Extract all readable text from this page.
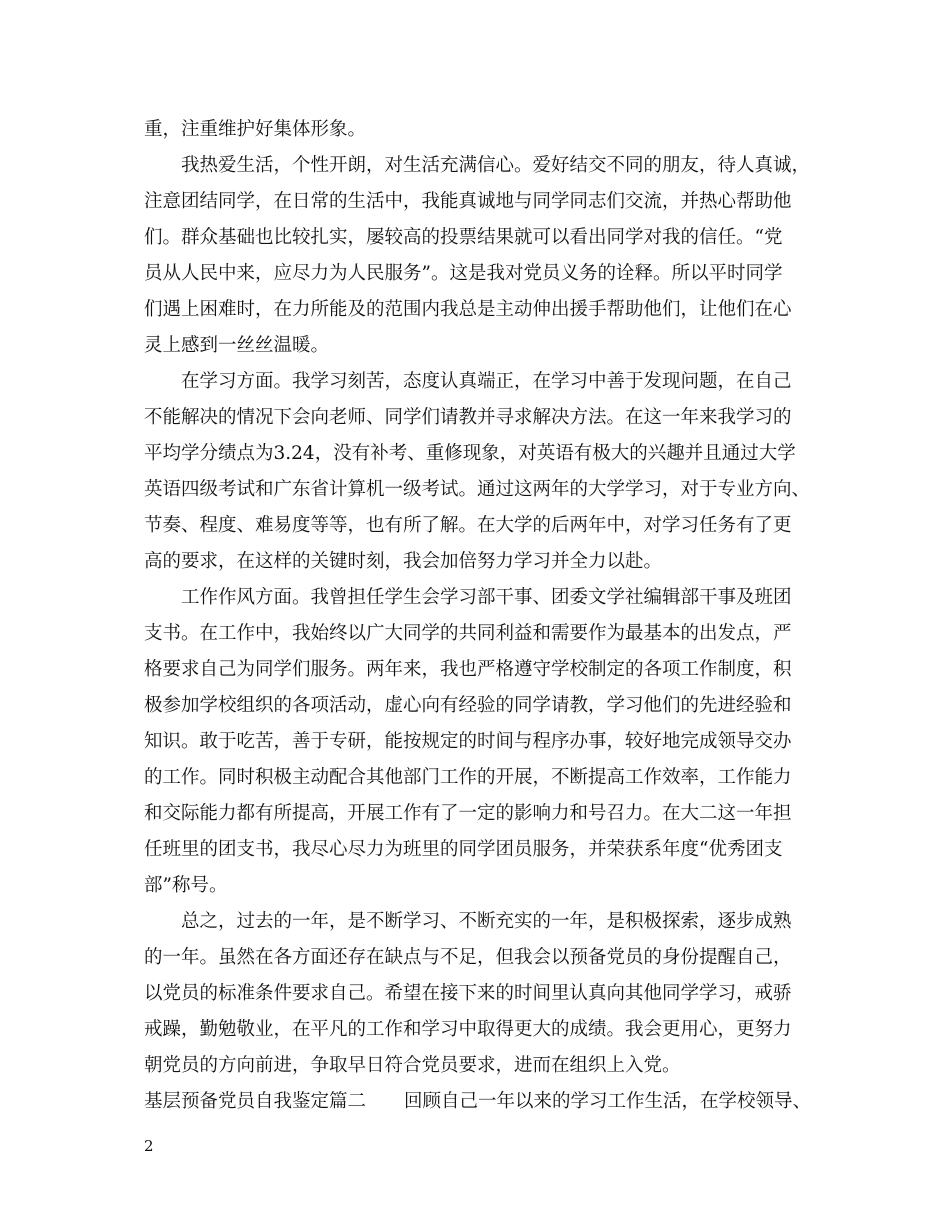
重，注重维护好集体形象。
我热爱生活，个性开朗，对生活充满信心。爱好结交不同的朋友，待人真诚，
注意团结同学，在日常的生活中，我能真诚地与同学同志们交流，并热心帮助他
们。群众基础也比较扎实，屡较高的投票结果就可以看出同学对我的信任。“党
员从人民中来，应尽力为人民服务”。这是我对党员义务的诠释。所以平时同学
们遇上困难时，在力所能及的范围内我总是主动伸出援手帮助他们，让他们在心
灵上感到一丝丝温暖。
在学习方面。我学习刻苦，态度认真端正，在学习中善于发现问题，在自己
不能解决的情况下会向老师、同学们请教并寻求解决方法。在这一年来我学习的
平均学分绩点为3.24，没有补考、重修现象，对英语有极大的兴趣并且通过大学
英语四级考试和广东省计算机一级考试。通过这两年的大学学习，对于专业方向、
节奏、程度、难易度等等，也有所了解。在大学的后两年中，对学习任务有了更
高的要求，在这样的关键时刻，我会加倍努力学习并全力以赴。
工作作风方面。我曾担任学生会学习部干事、团委文学社编辑部干事及班团
支书。在工作中，我始终以广大同学的共同利益和需要作为最基本的出发点，严
格要求自己为同学们服务。两年来，我也严格遵守学校制定的各项工作制度，积
极参加学校组织的各项活动，虚心向有经验的同学请教，学习他们的先进经验和
知识。敢于吃苦，善于专研，能按规定的时间与程序办事，较好地完成领导交办
的工作。同时积极主动配合其他部门工作的开展，不断提高工作效率，工作能力
和交际能力都有所提高，开展工作有了一定的影响力和号召力。在大二这一年担
任班里的团支书，我尽心尽力为班里的同学团员服务，并荣获系年度“优秀团支
部”称号。
总之，过去的一年，是不断学习、不断充实的一年，是积极探索，逐步成熟
的一年。虽然在各方面还存在缺点与不足，但我会以预备党员的身份提醒自己，
以党员的标准条件要求自己。希望在接下来的时间里认真向其他同学学习，戒骄
戒躁，勤勉敬业，在平凡的工作和学习中取得更大的成绩。我会更用心，更努力
朝党员的方向前进，争取早日符合党员要求，进而在组织上入党。
基层预备党员自我鉴定篇二 回顾自己一年以来的学习工作生活，在学校领导、
2
